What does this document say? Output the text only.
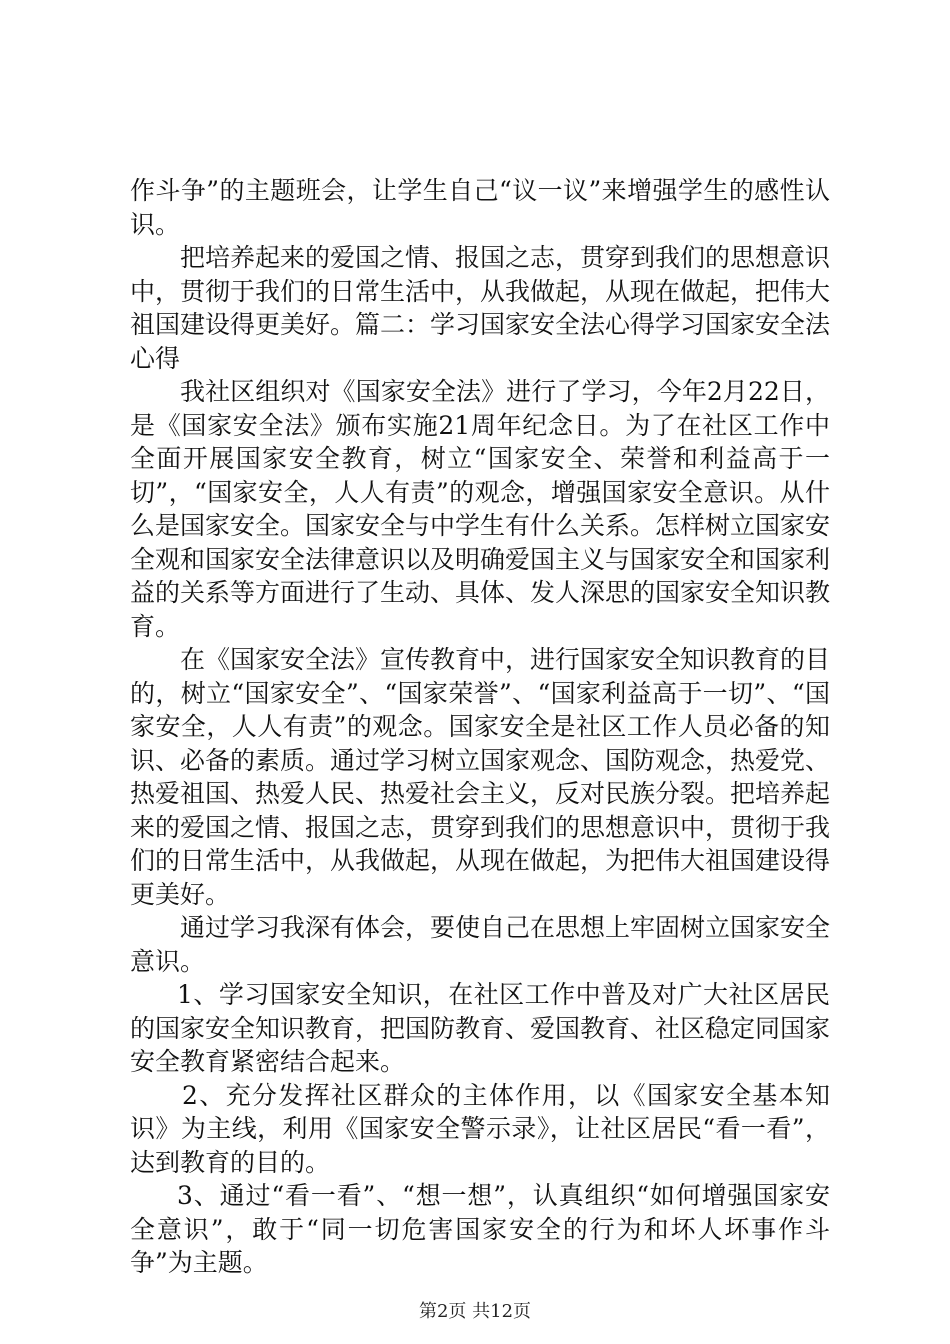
作斗争”的主题班会，让学生自己“议一议”来增强学生的感性认识。

把培养起来的爱国之情、报国之志，贯穿到我们的思想意识中，贯彻于我们的日常生活中，从我做起，从现在做起，把伟大祖国建设得更美好。篇二：学习国家安全法心得学习国家安全法心得

我社区组织对《国家安全法》进行了学习，今年2月22日，是《国家安全法》颁布实施21周年纪念日。为了在社区工作中全面开展国家安全教育，树立“国家安全、荣誉和利益高于一切”，“国家安全，人人有责”的观念，增强国家安全意识。从什么是国家安全。国家安全与中学生有什么关系。怎样树立国家安全观和国家安全法律意识以及明确爱国主义与国家安全和国家利益的关系等方面进行了生动、具体、发人深思的国家安全知识教育。

在《国家安全法》宣传教育中，进行国家安全知识教育的目的，树立“国家安全”、“国家荣誉”、“国家利益高于一切”、“国家安全，人人有责”的观念。国家安全是社区工作人员必备的知识、必备的素质。通过学习树立国家观念、国防观念，热爱党、热爱祖国、热爱人民、热爱社会主义，反对民族分裂。把培养起来的爱国之情、报国之志，贯穿到我们的思想意识中，贯彻于我们的日常生活中，从我做起，从现在做起，为把伟大祖国建设得更美好。

通过学习我深有体会，要使自己在思想上牢固树立国家安全意识。

1、学习国家安全知识，在社区工作中普及对广大社区居民的国家安全知识教育，把国防教育、爱国教育、社区稳定同国家安全教育紧密结合起来。

2、充分发挥社区群众的主体作用，以《国家安全基本知识》为主线，利用《国家安全警示录》，让社区居民“看一看”，达到教育的目的。

3、通过“看一看”、“想一想”，认真组织“如何增强国家安全意识”，敢于“同一切危害国家安全的行为和坏人坏事作斗争”为主题。

第2页 共12页
